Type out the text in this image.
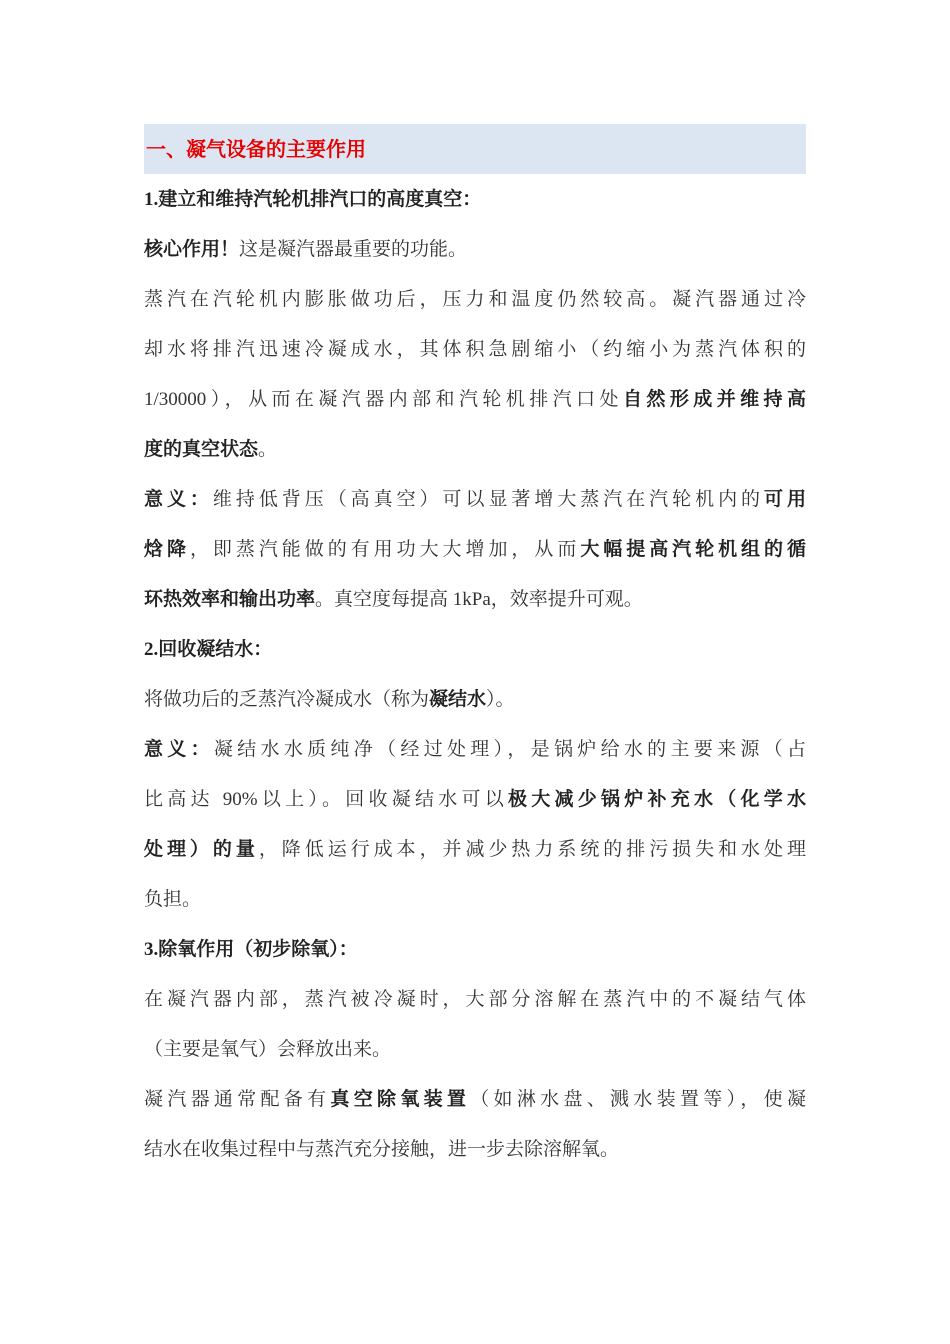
一、凝气设备的主要作用
1.建立和维持汽轮机排汽口的高度真空：
核心作用！这是凝汽器最重要的功能。
蒸汽在汽轮机内膨胀做功后，压力和温度仍然较高。凝汽器通过冷
却水将排汽迅速冷凝成水，其体积急剧缩小（约缩小为蒸汽体积的
1/30000），从而在凝汽器内部和汽轮机排汽口处自然形成并维持高
度的真空状态。
意义：维持低背压（高真空）可以显著增大蒸汽在汽轮机内的可用
焓降，即蒸汽能做的有用功大大增加，从而大幅提高汽轮机组的循
环热效率和输出功率。真空度每提高 1kPa，效率提升可观。
2.回收凝结水：
将做功后的乏蒸汽冷凝成水（称为凝结水）。
意义：凝结水水质纯净（经过处理），是锅炉给水的主要来源（占
比高达 90%以上）。回收凝结水可以极大减少锅炉补充水（化学水
处理）的量，降低运行成本，并减少热力系统的排污损失和水处理
负担。
3.除氧作用（初步除氧）：
在凝汽器内部，蒸汽被冷凝时，大部分溶解在蒸汽中的不凝结气体
（主要是氧气）会释放出来。
凝汽器通常配备有真空除氧装置（如淋水盘、溅水装置等），使凝
结水在收集过程中与蒸汽充分接触，进一步去除溶解氧。
